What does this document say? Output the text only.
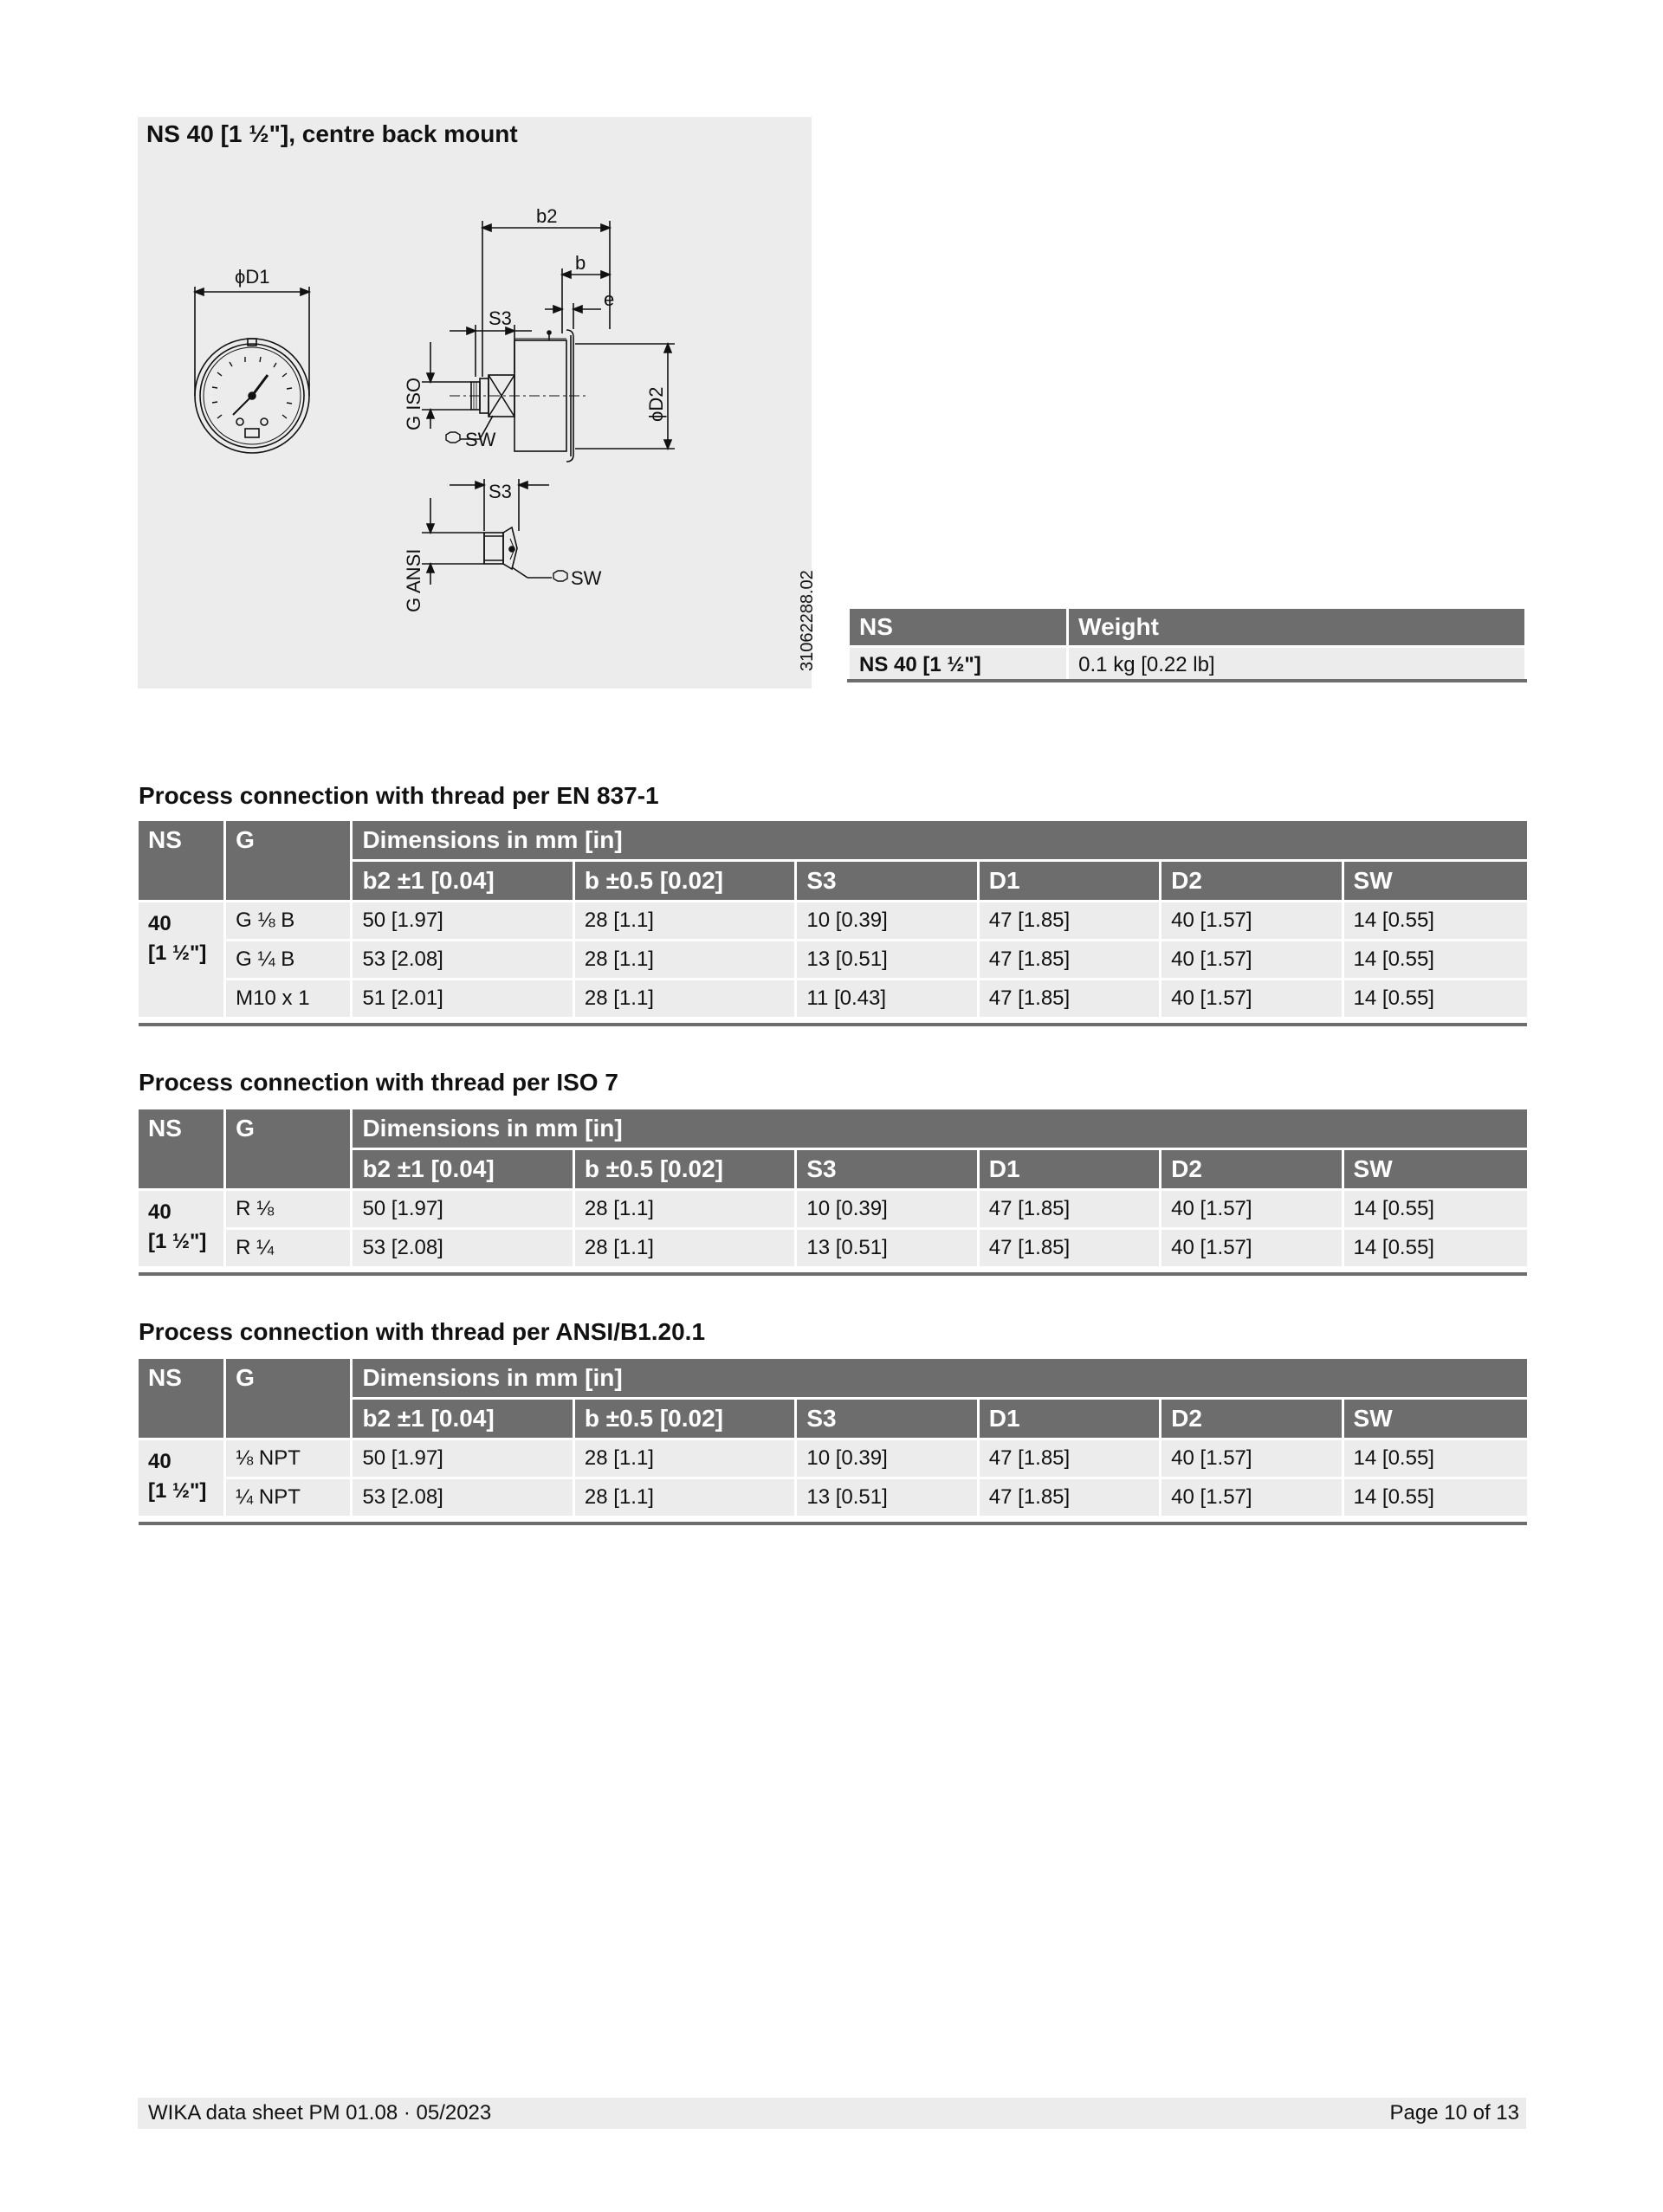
NS 40 [1 ½"], centre back mount
ϕD1
b2
b
e
S3
S3
SW
SW
ϕD2
G ISO
G ANSI	31062288.02 NS	Weight
NS 40 [1 ½"]	0.1 kg [0.22 lb]
Process connection with thread per EN 837-1
NS	G	Dimensions in mm [in]					
		b2 ±1 [0.04]	b ±0.5 [0.02]	S3	D1	D2	SW

40
[1 ½"]	G ⅛ B	50 [1.97]	28 [1.1]	10 [0.39]	47 [1.85]	40 [1.57]	14 [0.55]
	G ¼ B	53 [2.08]	28 [1.1]	13 [0.51]	47 [1.85]	40 [1.57]	14 [0.55]
	M10 x 1	51 [2.01]	28 [1.1]	11 [0.43]	47 [1.85]	40 [1.57]	14 [0.55]
Process connection with thread per ISO 7
NS	G	Dimensions in mm [in]					
		b2 ±1 [0.04]	b ±0.5 [0.02]	S3	D1	D2	SW

40
[1 ½"]	R ⅛	50 [1.97]	28 [1.1]	10 [0.39]	47 [1.85]	40 [1.57]	14 [0.55]
	R ¼	53 [2.08]	28 [1.1]	13 [0.51]	47 [1.85]	40 [1.57]	14 [0.55]
Process connection with thread per ANSI/B1.20.1
NS	G	Dimensions in mm [in]					
		b2 ±1 [0.04]	b ±0.5 [0.02]	S3	D1	D2	SW

40
[1 ½"]	⅛ NPT	50 [1.97]	28 [1.1]	10 [0.39]	47 [1.85]	40 [1.57]	14 [0.55]
	¼ NPT	53 [2.08]	28 [1.1]	13 [0.51]	47 [1.85]	40 [1.57]	14 [0.55]
WIKA data sheet PM 01.08 · 05/2023	Page 10 of 13
